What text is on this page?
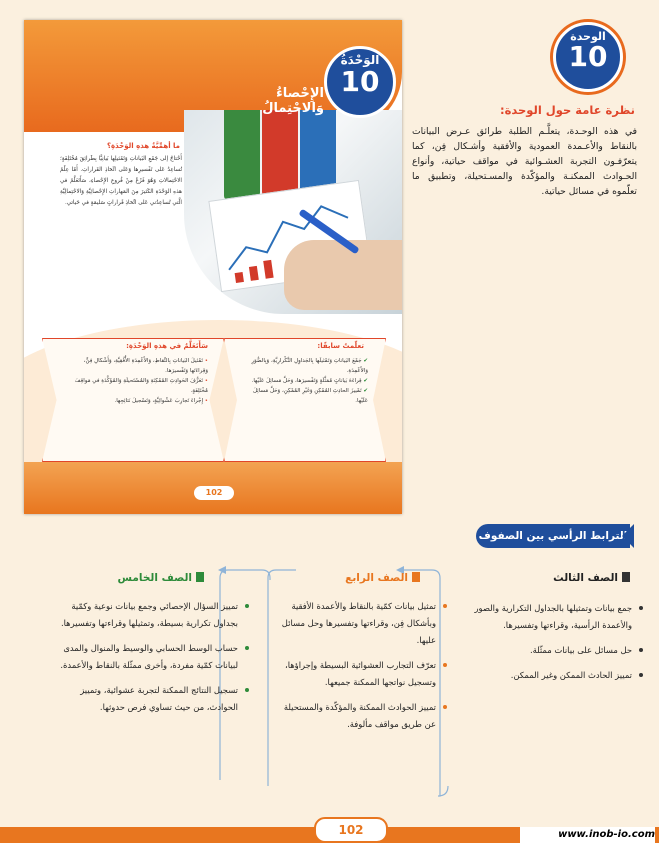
الوَحْدَةُ
10
الإِحْصاءُ وَالاحْتِمالُ
ما أهمِّيَّةُ هذهِ الوَحْدَةِ؟
أَحْتاجُ إلى جَمْعِ البَياناتِ وَتَمْثيلِها بَيانِيًّا بِطَرائِقَ مُخْتَلِفَةٍ؛ تُساعِدُ عَلى تَفْسيرِها وَعَلى اتِّخاذِ القَراراتِ. أَمّا عِلْمُ الاحْتِمالاتِ وَهُوَ فَرْعٌ مِنْ فُروعِ الإِحْصاءِ، سَأَتَعَلَّمُ في هذهِ الوَحْدَةِ الكَثيرَ مِنَ المَهاراتِ الإِحْصائِيَّةِ وَالاحْتِمالِيَّةِ الَّتي تُساعِدُني عَلى اتِّخاذِ قَراراتٍ سَليمَةٍ في حَياتي.
تعلّمتُ سابقًا:
✔ جَمْعَ البَياناتِ وَتَمْثيلَها بِالجَداوِلِ التَّكْرارِيَّةِ، وَبِالصُّوَرِ وَالأَعْمِدَةِ.
✔ قِراءَةَ بَياناتٍ مُمَثَّلَةٍ وَتَفْسيرَها، وَحَلَّ مَسائِلَ عَلَيْها.
✔ تَمْييزَ الحادِثِ المُمْكِنِ وَغَيْرِ المُمْكِنِ، وَحَلَّ مَسائِلَ عَلَيْها.
سَأَتَعَلَّمُ في هذهِ الوَحْدَةِ:
• تَمْثيلَ البَياناتِ بِالنِّقاطِ، وَالأَعْمِدَةِ الأُفُقِيَّةِ، وَأَشْكالِ فِنٍّ، وَقِراءَتَها وَتَفْسيرَها.
• تَعَرُّفَ الحَوادِثِ المُمْكِنَةِ وَالمُسْتَحيلَةِ وَالمُؤَكَّدَةِ في مَواقِفَ مُخْتَلِفَةٍ.
• إِجْراءَ تَجارِبَ عَشْوائِيَّةٍ، وَتَسْجيلَ نَتائِجِها.
102
الوحدة
10
نظرة عامة حول الوحدة:
في هذه الوحـدة، يتعلَّـم الطلبة طرائق عـرض البيانات بالنقاط والأعـمدة العمودية والأفقية وأشـكال فِن، كما يتعرّفـون التجربة العشـوائية في مواقف حياتية، وأنواع الحـوادث الممكنـة والمؤكّدة والمسـتحيلة، وتطبيق ما تعلّموه في مسائل حياتية.
الترابط الرأسي بين الصفوف
الصف الثالث
جمع بيانات وتمثيلها بالجداول التكرارية والصور والأعمدة الرأسية، وقراءتها وتفسيرها.
حل مسائل على بيانات ممثّلة.
تمييز الحادث الممكن وغير الممكن.
الصف الرابع
تمثيل بيانات كمّية بالنقاط والأعمدة الأفقية وبأشكال فِن، وقراءتها وتفسيرها وحل مسائل عليها.
تعرّف التجارب العشوائية البسيطة وإجراؤها، وتسجيل نواتجها الممكنة جميعها.
تمييز الحوادث الممكنة والمؤكّدة والمستحيلة عن طريق مواقف مألوفة.
الصف الخامس
تمييز السؤال الإحصائي وجمع بيانات نوعية وكمّية بجداول تكرارية بسيطة، وتمثيلها وقراءتها وتفسيرها.
حساب الوسط الحسابي والوسيط والمنوال والمدى لبيانات كمّية مفردة، وأخرى ممثّلة بالنقاط والأعمدة.
تسجيل النتائج الممكنة لتجربة عشوائية، وتمييز الحوادث، من حيث تساوي فرص حدوثها.
102	www.inob-io.com
